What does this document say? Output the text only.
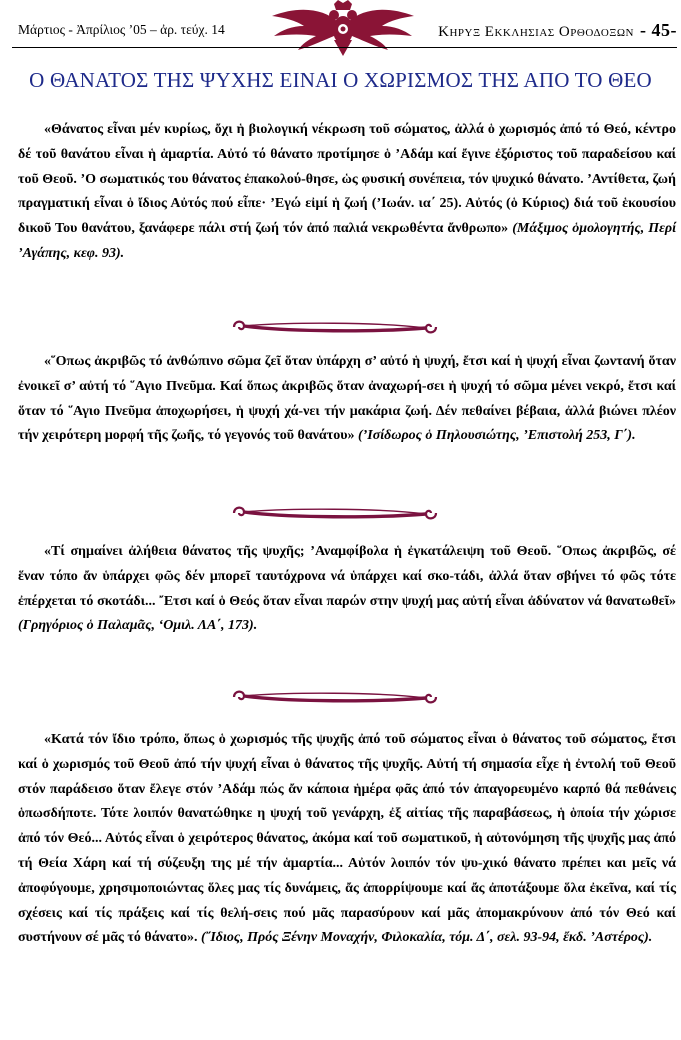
Μάρτιος - Ἀπρίλιος ’05 – ἀρ. τεύχ. 14	Κηρυξ Εκκλησιας Ορθοδοξων - 45-
Ο ΘΑΝΑΤΟΣ ΤΗΣ ΨΥΧΗΣ ΕΙΝΑΙ Ο ΧΩΡΙΣΜΟΣ ΤΗΣ ΑΠΟ ΤΟ ΘΕΟ
«Θάνατος εἶναι μέν κυρίως, ὄχι ἡ βιολογική νέκρωση τοῦ σώματος, ἀλλά ὁ χωρισμός ἀπό τό Θεό, κέντρο δέ τοῦ θανάτου εἶναι ἡ ἁμαρτία. Αὐτό τό θάνατο προτίμησε ὁ ’Αδάμ καί ἔγινε ἐξόριστος τοῦ παραδείσου καί τοῦ Θεοῦ. ’Ο σωματικός του θάνατος ἐπακολού-θησε, ὡς φυσική συνέπεια, τόν ψυχικό θάνατο. ’Αντίθετα, ζωή πραγματική εἶναι ὁ ἴδιος Αὐτός πού εἶπε· ’Εγώ εἰμί ἡ ζωή (’Ιωάν. ια΄ 25). Αὐτός (ὁ Κύριος) διά τοῦ ἑκουσίου δικοῦ Του θανάτου, ξανάφερε πάλι στή ζωή τόν ἀπό παλιά νεκρωθέντα ἄνθρωπο» (Μάξιμος ὁμολογητής, Περί ’Αγάπης, κεφ. 93).
«῞Οπως ἀκριβῶς τό ἀνθώπινο σῶμα ζεῖ ὅταν ὑπάρχη σ’ αὐτό ἡ ψυχή, ἔτσι καί ἡ ψυχή εἶναι ζωντανή ὅταν ἐνοικεῖ σ’ αὐτή τό ῞Αγιο Πνεῦμα. Καί ὅπως ἀκριβῶς ὅταν ἀναχωρή-σει ἡ ψυχή τό σῶμα μένει νεκρό, ἔτσι καί ὅταν τό ῞Αγιο Πνεῦμα ἀποχωρήσει, ἡ ψυχή χά-νει τήν μακάρια ζωή. Δέν πεθαίνει βέβαια, ἀλλά βιώνει πλέον τήν χειρότερη μορφή τῆς ζωῆς, τό γεγονός τοῦ θανάτου» (’Ισίδωρος ὁ Πηλουσιώτης, ’Επιστολή 253, Γ΄).
«Τί σημαίνει ἀλήθεια θάνατος τῆς ψυχῆς; ’Αναμφίβολα ἡ ἐγκατάλειψη τοῦ Θεοῦ. ῞Οπως ἀκριβῶς, σέ ἕναν τόπο ἄν ὑπάρχει φῶς δέν μπορεῖ ταυτόχρονα νά ὑπάρχει καί σκο-τάδι, ἀλλά ὅταν σβήνει τό φῶς τότε ἐπέρχεται τό σκοτάδι... ῎Ετσι καί ὁ Θεός ὅταν εἶναι παρών στην ψυχή μας αὐτή εἶναι ἀδύνατον νά θανατωθεῖ» (Γρηγόριος ὁ Παλαμᾶς, ‘Ομιλ. ΛΑ΄, 173).
«Κατά τόν ἴδιο τρόπο, ὅπως ὁ χωρισμός τῆς ψυχῆς ἀπό τοῦ σώματος εἶναι ὁ θάνατος τοῦ σώματος, ἔτσι καί ὁ χωρισμός τοῦ Θεοῦ ἀπό τήν ψυχή εἶναι ὁ θάνατος τῆς ψυχῆς. Αὐτή τή σημασία εἶχε ἡ ἐντολή τοῦ Θεοῦ στόν παράδεισο ὅταν ἔλεγε στόν ’Αδάμ πώς ἄν κάποια ἡμέρα φᾶς ἀπό τόν ἀπαγορευμένο καρπό θά πεθάνεις ὁπωσδήποτε. Τότε λοιπόν θανατώθηκε η ψυχή τοῦ γενάρχη, ἐξ αἰτίας τῆς παραβάσεως, ἡ ὁποία τήν χώρισε ἀπό τόν Θεό... Αὐτός εἶναι ὁ χειρότερος θάνατος, ἀκόμα καί τοῦ σωματικοῦ, ἡ αὐτονόμηση τῆς ψυχῆς μας ἀπό τή Θεία Χάρη καί τή σύζευξη της μέ τήν ἁμαρτία... Αὐτόν λοιπόν τόν ψυ-χικό θάνατο πρέπει και μεῖς νά ἀποφύγουμε, χρησιμοποιώντας ὅλες μας τίς δυνάμεις, ἄς ἀπορρίψουμε καί ἄς ἀποτάξουμε ὅλα ἐκεῖνα, καί τίς σχέσεις καί τίς πράξεις καί τίς θελή-σεις πού μᾶς παρασύρουν καί μᾶς ἀπομακρύνουν ἀπό τόν Θεό καί συστήνουν σέ μᾶς τό θάνατο». (῎Ιδιος, Πρός Ξένην Μοναχήν, Φιλοκαλία, τόμ. Δ΄, σελ. 93-94, ἔκδ. ’Αστέρος).
